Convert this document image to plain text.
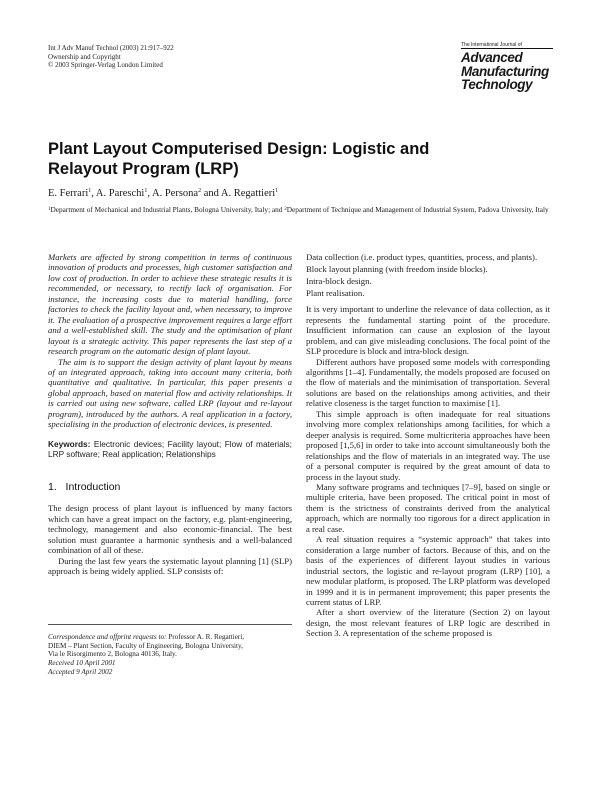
Int J Adv Manuf Technol (2003) 21:917–922
Ownership and Copyright
© 2003 Springer-Verlag London Limited
The International Journal of
Advanced
Manufacturing
Technology
Plant Layout Computerised Design: Logistic and Relayout Program (LRP)
E. Ferrari$^1$, A. Pareschi$^1$, A. Persona$^2$ and A. Regattieri$^1$
$^1$Department of Mechanical and Industrial Plants, Bologna University, Italy; and $^2$Department of Technique and Management of Industrial System, Padova University, Italy

Markets are affected by strong competition in terms of continuous innovation of products and processes, high customer satisfaction and low cost of production. In order to achieve these strategic results it is recommended, or necessary, to rectify lack of organisation. For instance, the increasing costs due to material handling, force factories to check the facility layout and, when necessary, to improve it. The evaluation of a prospective improvement requires a large effort and a well-established skill. The study and the optimisation of plant layout is a strategic activity. This paper represents the last step of a research program on the automatic design of plant layout.

The aim is to support the design activity of plant layout by means of an integrated approach, taking into account many criteria, both quantitative and qualitative. In particular, this paper presents a global approach, based on material flow and activity relationships. It is carried out using new software, called LRP (layout and re-layout program), introduced by the authors. A real application in a factory, specialising in the production of electronic devices, is presented.

Keywords: Electronic devices; Facility layout; Flow of materials; LRP software; Real application; Relationships
1. Introduction

The design process of plant layout is influenced by many factors which can have a great impact on the factory, e.g. plant-engineering, technology, management and also economic-financial. The best solution must guarantee a harmonic synthesis and a well-balanced combination of all of these.

During the last few years the systematic layout planning [1] (SLP) approach is being widely applied. SLP consists of:

Data collection (i.e. product types, quantities, process, and plants).

Block layout planning (with freedom inside blocks).

Intra-block design.

Plant realisation.

It is very important to underline the relevance of data collection, as it represents the fundamental starting point of the procedure. Insufficient information can cause an explosion of the layout problem, and can give misleading conclusions. The focal point of the SLP procedure is block and intra-block design.

Different authors have proposed some models with corresponding algorithms [1–4]. Fundamentally, the models proposed are focused on the flow of materials and the minimisation of transportation. Several solutions are based on the relationships among activities, and their relative closeness is the target function to maximise [1].

This simple approach is often inadequate for real situations involving more complex relationships among facilities, for which a deeper analysis is required. Some multicriteria approaches have been proposed [1,5,6] in order to take into account simultaneously both the relationships and the flow of materials in an integrated way. The use of a personal computer is required by the great amount of data to process in the layout study.

Many software programs and techniques [7–9], based on single or multiple criteria, have been proposed. The critical point in most of them is the strictness of constraints derived from the analytical approach, which are normally too rigorous for a direct application in a real case.

A real situation requires a “systemic approach” that takes into consideration a large number of factors. Because of this, and on the basis of the experiences of different layout studies in various industrial sectors, the logistic and re-layout program (LRP) [10], a new modular platform, is proposed. The LRP platform was developed in 1999 and it is in permanent improvement; this paper presents the current status of LRP.

After a short overview of the literature (Section 2) on layout design, the most relevant features of LRP logic are described in Section 3. A representation of the scheme proposed is

Correspondence and offprint requests to: Professor A. R. Regattieri,
DIEM – Plant Section, Faculty of Engineering, Bologna University,
Via le Risorgimento 2, Bologna 40136, Italy.
Received 10 April 2001
Accepted 9 April 2002
